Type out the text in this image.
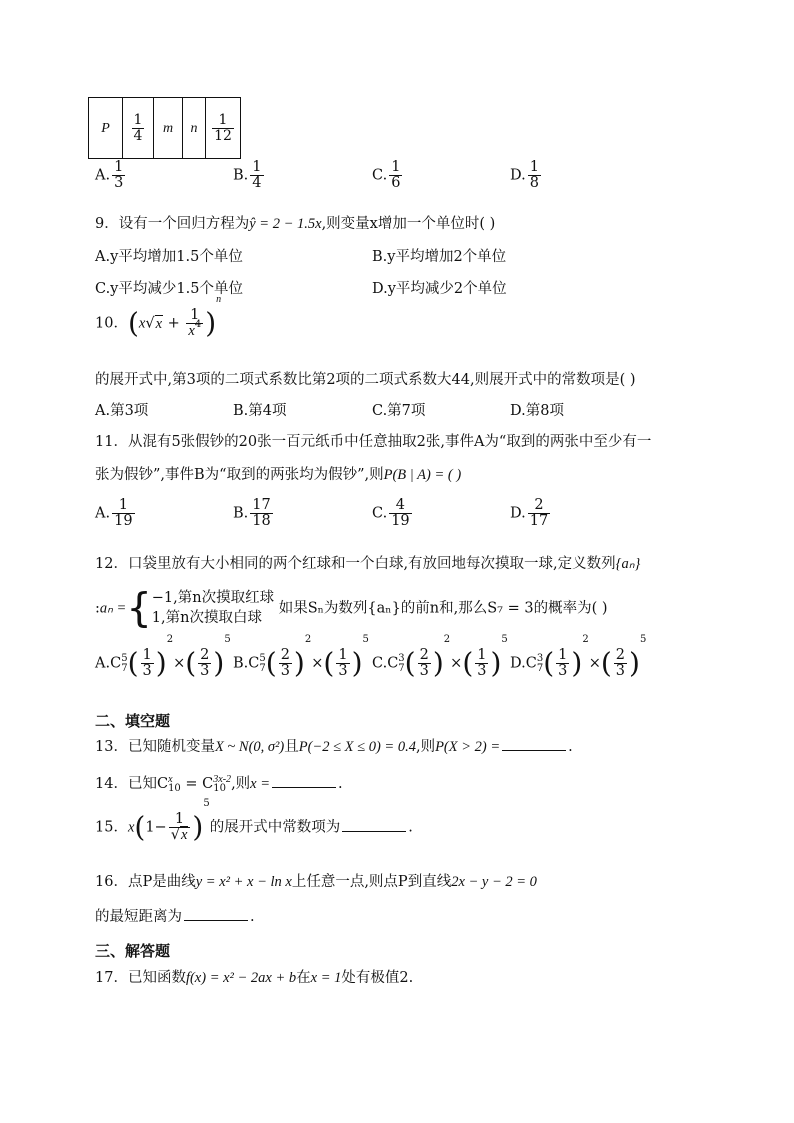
P	$\frac{1}{4}$	m	n	$\frac{1}{12}$
A. $\frac{1}{3}$	B. $\frac{1}{4}$	C. $\frac{1}{6}$	D. $\frac{1}{8}$
9．设有一个回归方程为ŷ = 2 − 1.5x,则变量x增加一个单位时( )
A.y平均增加1.5个单位	B.y平均增加2个单位
C.y平均减少1.5个单位	D.y平均减少2个单位
10．$(x√x + \frac{1}{x^4} )^n$
的展开式中,第3项的二项式系数比第2项的二项式系数大44,则展开式中的常数项是( )
A.第3项	B.第4项	C.第7项	D.第8项
11．从混有5张假钞的20张一百元纸币中任意抽取2张,事件A为“取到的两张中至少有一
张为假钞”,事件B为“取到的两张均为假钞”,则P(B | A) = ( )
A. $\frac{1}{19}$	B. $\frac{17}{18}$	C. $\frac{4}{19}$	D. $\frac{2}{17}$
12．口袋里放有大小相同的两个红球和一个白球,有放回地每次摸取一球,定义数列{aₙ}
:aₙ ={ −1,第n次摸取红球
1,第n次摸取白球
如果Sₙ为数列{aₙ}的前n和,那么S₇ = 3的概率为( )
A.C 5
7 ( $\frac{1}{3} )^2\times( \frac{2}{3} )^5$
B.C 5
7 ( $\frac{2}{3} )^2\times( \frac{1}{3} )^5$
C.C 3
7 ( $\frac{2}{3} )^2\times( \frac{1}{3} )^5$
D.C 3
7 ( $\frac{1}{3} )^2\times( \frac{2}{3} )^5$
二、填空题
13．已知随机变量X ~ N(0, σ²)且P(−2 ≤ X ≤ 0) = 0.4,则P(X > 2) =	.
14．已知C x
10 = C 3x-2
10 ,则x =	.
15．$x(1- \frac{1}{√x} )^5$的展开式中常数项为	.
16．点P是曲线y = x² + x − ln x上任意一点,则点P到直线2x − y − 2 = 0
的最短距离为	.
三、解答题
17．已知函数f(x) = x² − 2ax + b在x = 1处有极值2.
